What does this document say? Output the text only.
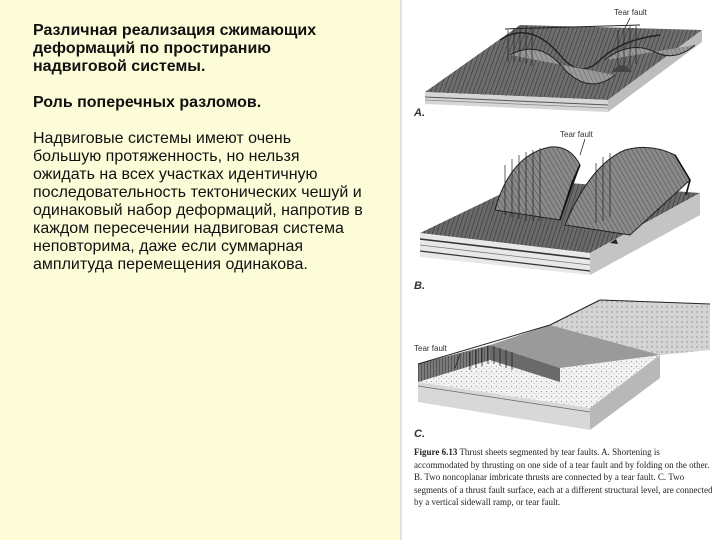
Различная реализация сжимающих деформаций по простиранию надвиговой системы.

Роль поперечных разломов.

Надвиговые системы имеют очень большую протяженность, но нельзя ожидать на всех участках идентичную последовательность тектонических чешуй и одинаковый набор деформаций, напротив в каждом пересечении надвиговая система неповторима, даже если суммарная амплитуда перемещения одинакова.

Tear fault
A.
Tear fault
B.
Tear fault
C.
Figure 6.13 Thrust sheets segmented by tear faults. A. Shortening is accommodated by thrusting on one side of a tear fault and by folding on the other. B. Two noncoplanar imbricate thrusts are connected by a tear fault. C. Two segments of a thrust fault surface, each at a different structural level, are connected by a vertical sidewall ramp, or tear fault.
